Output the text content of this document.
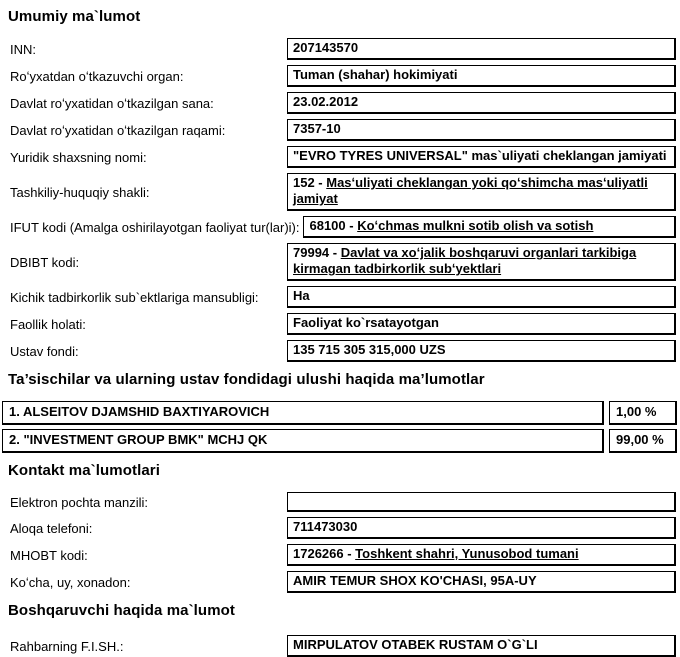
Umumiy ma`lumot
INN:	207143570
Roʻyxatdan oʻtkazuvchi organ:	Tuman (shahar) hokimiyati
Davlat roʻyxatidan oʻtkazilgan sana:	23.02.2012
Davlat roʻyxatidan oʻtkazilgan raqami:	7357-10
Yuridik shaxsning nomi:	"EVRO TYRES UNIVERSAL" mas`uliyati cheklangan jamiyati
Tashkiliy-huquqiy shakli:
152 - Masʻuliyati cheklangan yoki qoʻshimcha masʻuliyatli jamiyat
IFUT kodi (Amalga oshirilayotgan faoliyat tur(lar)i): 68100 - Koʻchmas mulkni sotib olish va sotish
DBIBT kodi:
79994 - Davlat va xoʻjalik boshqaruvi organlari tarkibiga kirmagan tadbirkorlik subʻyektlari
Kichik tadbirkorlik sub`ektlariga mansubligi:	Ha
Faollik holati:	Faoliyat ko`rsatayotgan
Ustav fondi:	135 715 305 315,000 UZS
Ta’sischilar va ularning ustav fondidagi ulushi haqida ma’lumotlar
1. ALSEITOV DJAMSHID BAXTIYAROVICH	1,00 %
2. "INVESTMENT GROUP BMK" MCHJ QK	99,00 %
Kontakt ma`lumotlari
Elektron pochta manzili:
Aloqa telefoni:	711473030
MHOBT kodi:	1726266 - Toshkent shahri, Yunusobod tumani
Koʻcha, uy, xonadon:	AMIR TEMUR SHOX KO'CHASI, 95A-UY
Boshqaruvchi haqida ma`lumot
Rahbarning F.I.SH.:	MIRPULATOV OTABEK RUSTAM O`G`LI
